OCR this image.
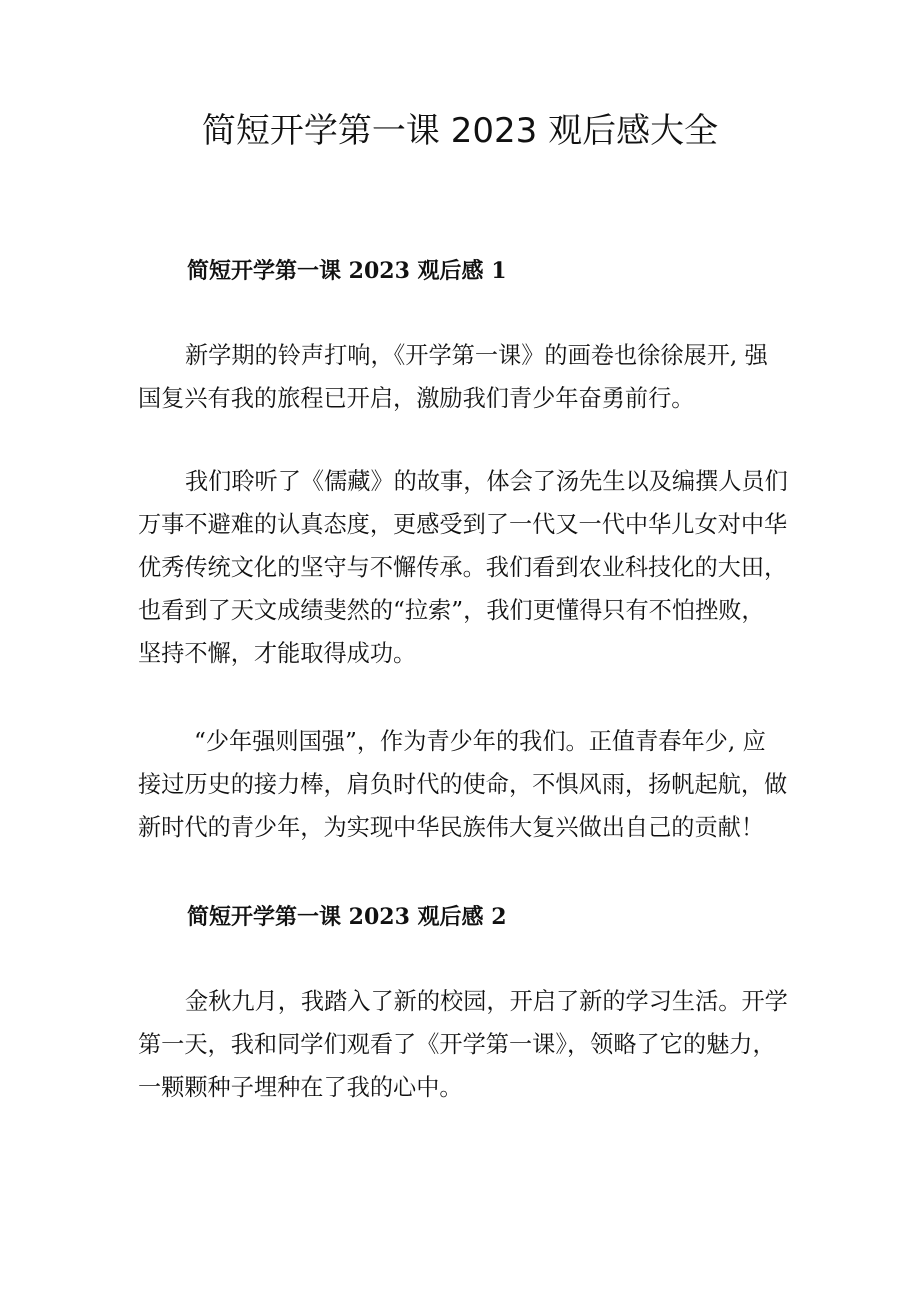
简短开学第一课 2023 观后感大全
简短开学第一课 2023 观后感 1

新学期的铃声打响，《开学第一课》的画卷也徐徐展开, 强
国复兴有我的旅程已开启，激励我们青少年奋勇前行。

我们聆听了《儒藏》的故事，体会了汤先生以及编撰人员们
万事不避难的认真态度，更感受到了一代又一代中华儿女对中华
优秀传统文化的坚守与不懈传承。我们看到农业科技化的大田，
也看到了天文成绩斐然的“拉索”，我们更懂得只有不怕挫败，
坚持不懈，才能取得成功。

“少年强则国强”，作为青少年的我们。正值青春年少, 应
接过历史的接力棒，肩负时代的使命，不惧风雨，扬帆起航，做
新时代的青少年，为实现中华民族伟大复兴做出自己的贡献！

简短开学第一课 2023 观后感 2

金秋九月，我踏入了新的校园，开启了新的学习生活。开学
第一天，我和同学们观看了《开学第一课》，领略了它的魅力，
一颗颗种子埋种在了我的心中。
